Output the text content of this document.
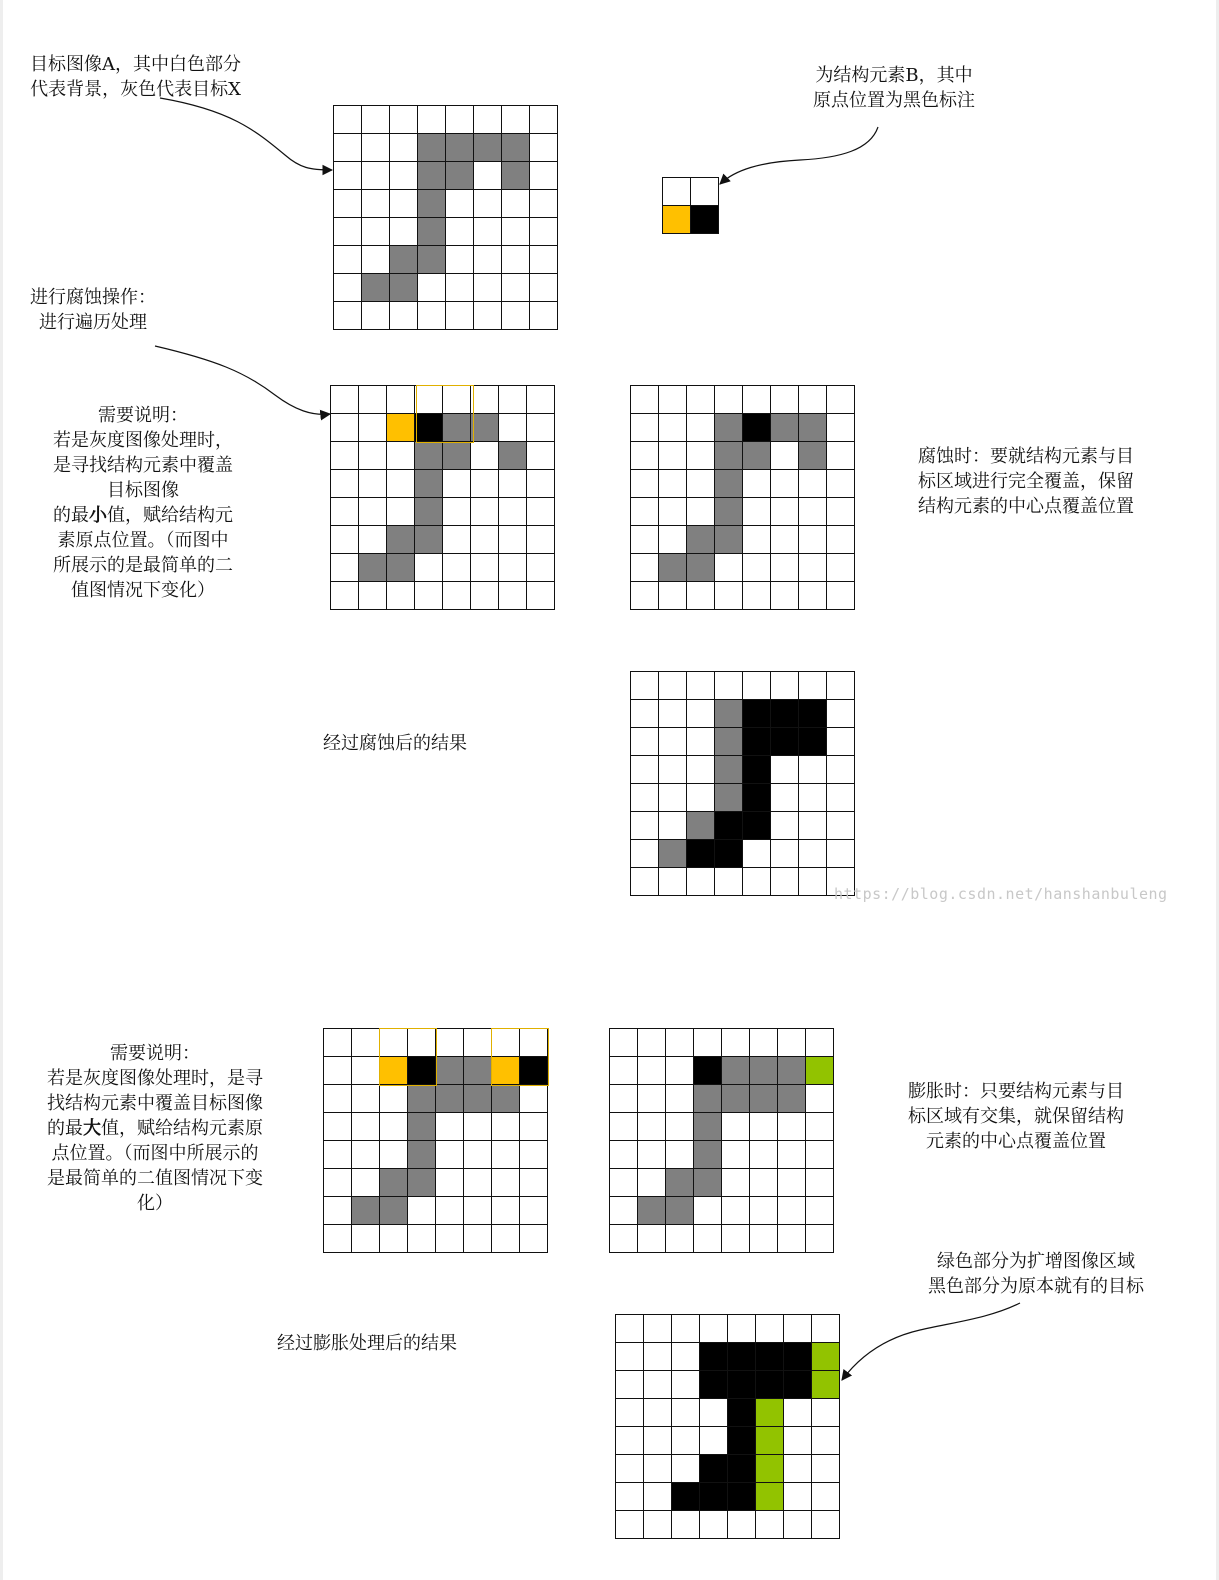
目标图像A，其中白色部分
代表背景，灰色代表目标X
为结构元素B，其中
原点位置为黑色标注
进行腐蚀操作：
进行遍历处理
需要说明：
若是灰度图像处理时，
是寻找结构元素中覆盖
目标图像
的最小值，赋给结构元
素原点位置。（而图中
所展示的是最简单的二
值图情况下变化）
腐蚀时：要就结构元素与目
标区域进行完全覆盖，保留
结构元素的中心点覆盖位置
经过腐蚀后的结果
https://blog.csdn.net/hanshanbuleng
需要说明：
若是灰度图像处理时，是寻
找结构元素中覆盖目标图像
的最大值，赋给结构元素原
点位置。（而图中所展示的
是最简单的二值图情况下变
化）
膨胀时：只要结构元素与目
标区域有交集，就保留结构
元素的中心点覆盖位置
绿色部分为扩增图像区域
黑色部分为原本就有的目标
经过膨胀处理后的结果
